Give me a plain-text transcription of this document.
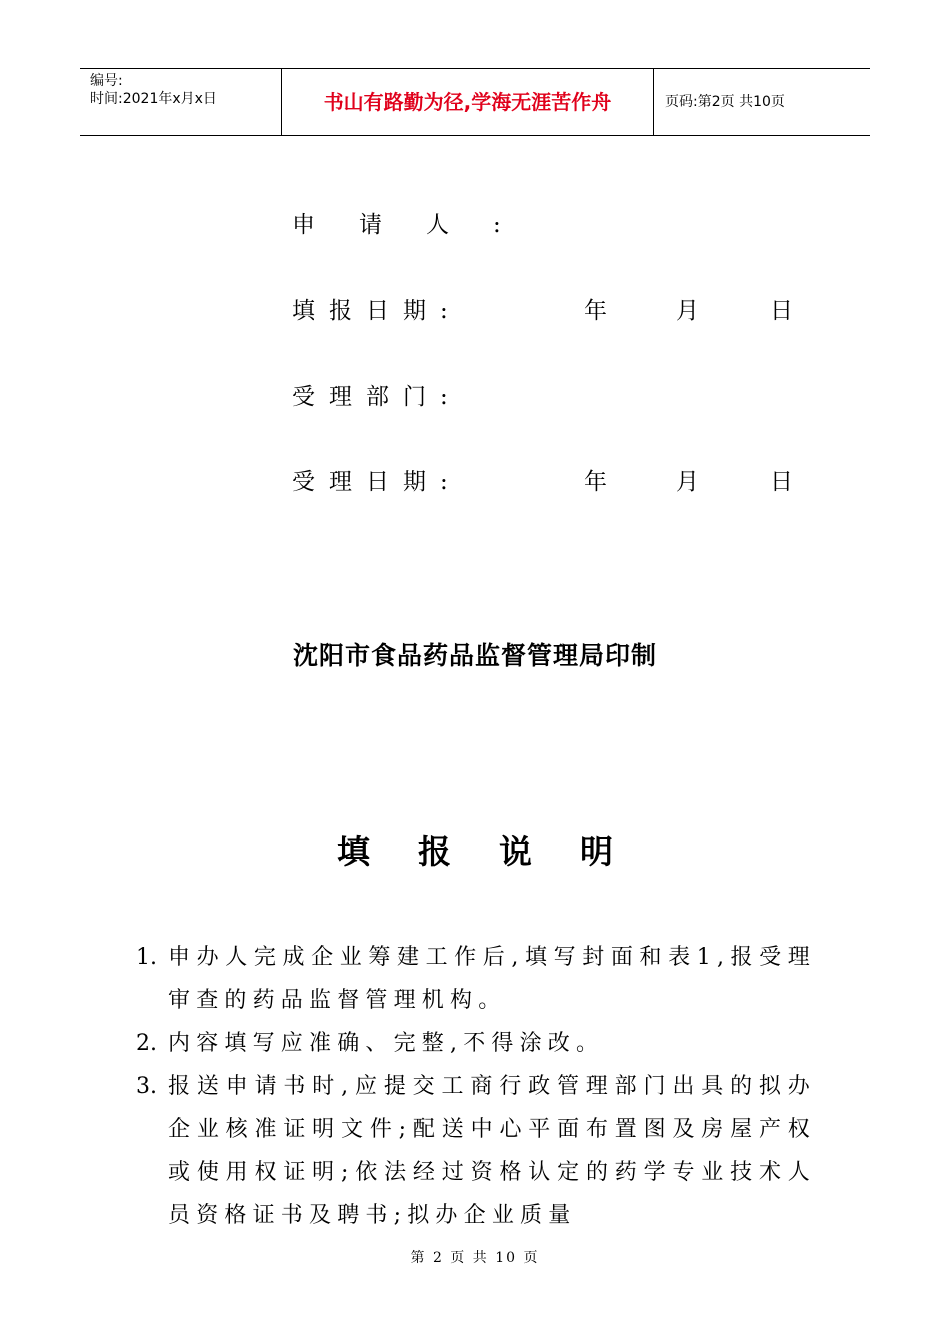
编号:
时间:2021年x月x日	书山有路勤为径,学海无涯苦作舟	页码:第2页 共10页
申请人:
填报日期:	年	月	日
受理部门:
受理日期:	年	月	日
沈阳市食品药品监督管理局印制
填报说明
1. 申办人完成企业筹建工作后,填写封面和表1,报受理审查的药品监督管理机构。
2. 内容填写应准确、完整,不得涂改。
3. 报送申请书时,应提交工商行政管理部门出具的拟办企业核准证明文件;配送中心平面布置图及房屋产权或使用权证明;依法经过资格认定的药学专业技术人员资格证书及聘书;拟办企业质量
第 2 页 共 10 页
